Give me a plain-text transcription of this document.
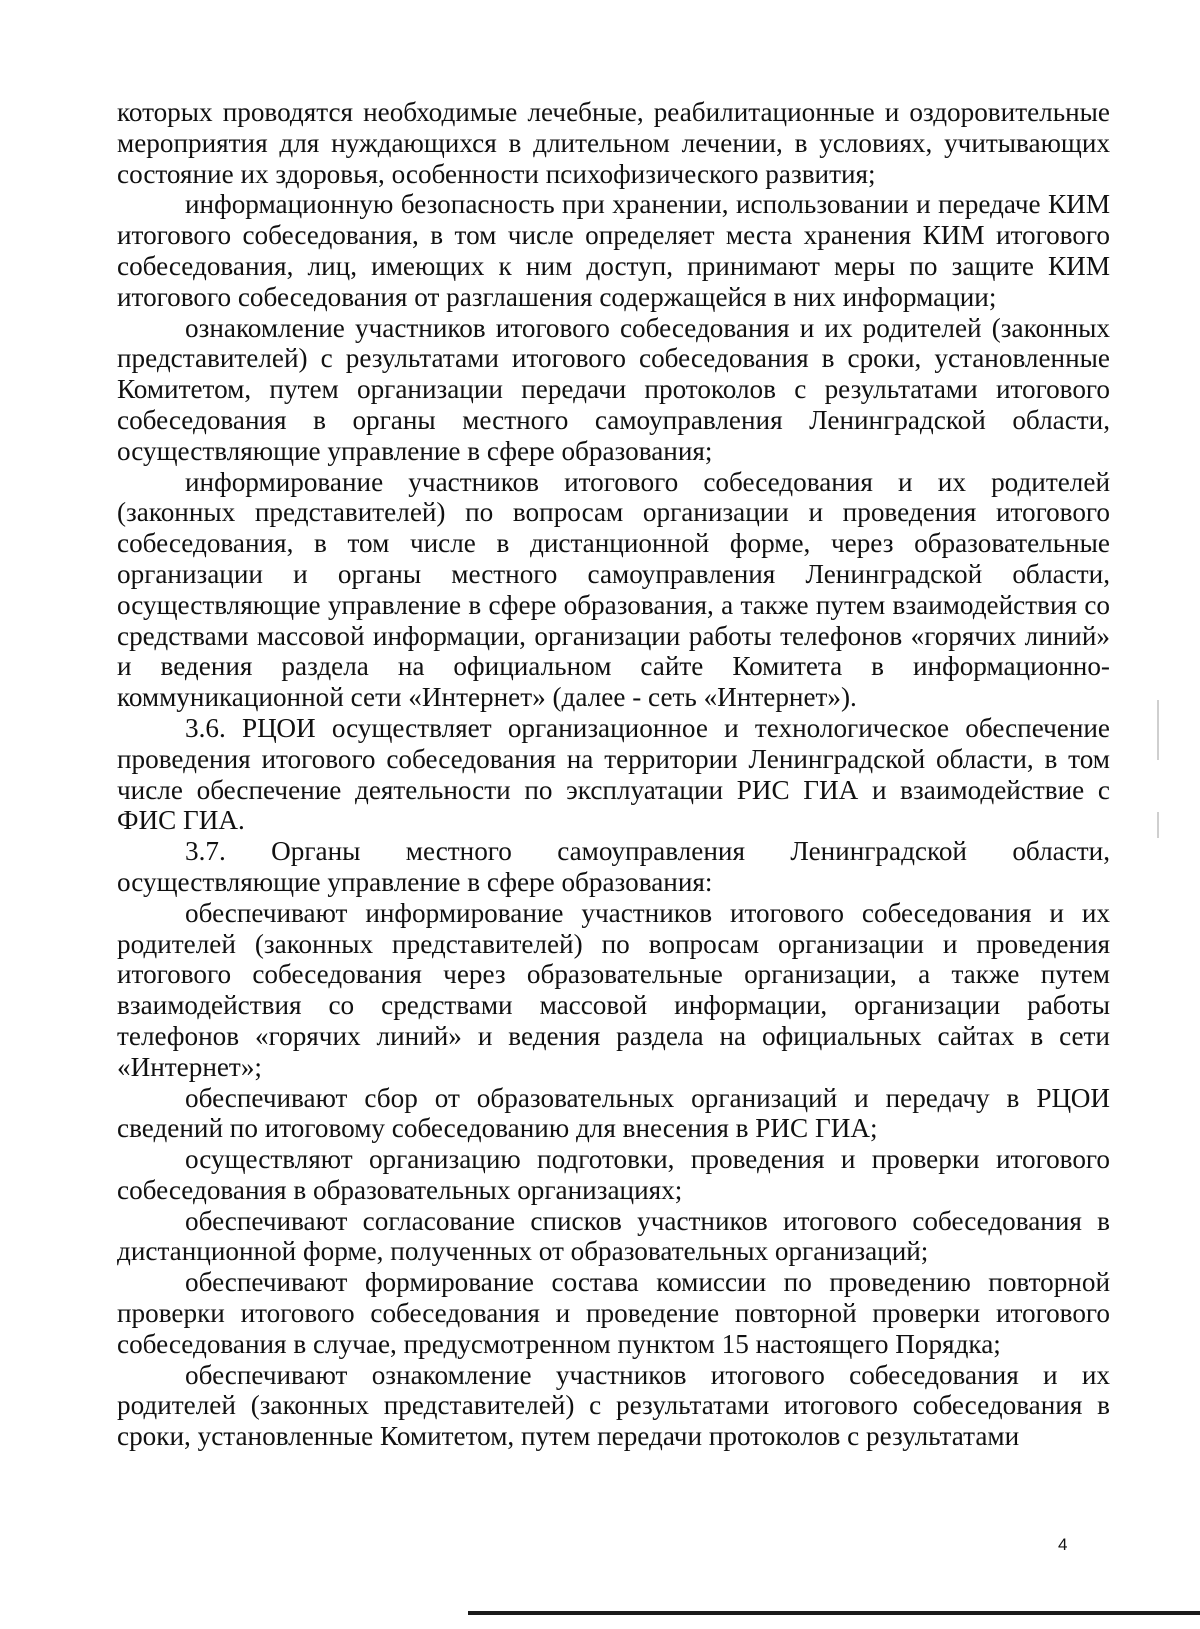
которых проводятся необходимые лечебные, реабилитационные и оздоровительные мероприятия для нуждающихся в длительном лечении, в условиях, учитывающих состояние их здоровья, особенности психофизического развития;

информационную безопасность при хранении, использовании и передаче КИМ итогового собеседования, в том числе определяет места хранения КИМ итогового собеседования, лиц, имеющих к ним доступ, принимают меры по защите КИМ итогового собеседования от разглашения содержащейся в них информации;

ознакомление участников итогового собеседования и их родителей (законных представителей) с результатами итогового собеседования в сроки, установленные Комитетом, путем организации передачи протоколов с результатами итогового собеседования в органы местного самоуправления Ленинградской области, осуществляющие управление в сфере образования;

информирование участников итогового собеседования и их родителей (законных представителей) по вопросам организации и проведения итогового собеседования, в том числе в дистанционной форме, через образовательные организации и органы местного самоуправления Ленинградской области, осуществляющие управление в сфере образования, а также путем взаимодействия со средствами массовой информации, организации работы телефонов «горячих линий» и ведения раздела на официальном сайте Комитета в информационно-коммуникационной сети «Интернет» (далее - сеть «Интернет»).

3.6. РЦОИ осуществляет организационное и технологическое обеспечение проведения итогового собеседования на территории Ленинградской области, в том числе обеспечение деятельности по эксплуатации РИС ГИА и взаимодействие с ФИС ГИА.

3.7. Органы местного самоуправления Ленинградской области, осуществляющие управление в сфере образования:

обеспечивают информирование участников итогового собеседования и их родителей (законных представителей) по вопросам организации и проведения итогового собеседования через образовательные организации, а также путем взаимодействия со средствами массовой информации, организации работы телефонов «горячих линий» и ведения раздела на официальных сайтах в сети «Интернет»;

обеспечивают сбор от образовательных организаций и передачу в РЦОИ сведений по итоговому собеседованию для внесения в РИС ГИА;

осуществляют организацию подготовки, проведения и проверки итогового собеседования в образовательных организациях;

обеспечивают согласование списков участников итогового собеседования в дистанционной форме, полученных от образовательных организаций;

обеспечивают формирование состава комиссии по проведению повторной проверки итогового собеседования и проведение повторной проверки итогового собеседования в случае, предусмотренном пунктом 15 настоящего Порядка;

обеспечивают ознакомление участников итогового собеседования и их родителей (законных представителей) с результатами итогового собеседования в сроки, установленные Комитетом, путем передачи протоколов с результатами

4
